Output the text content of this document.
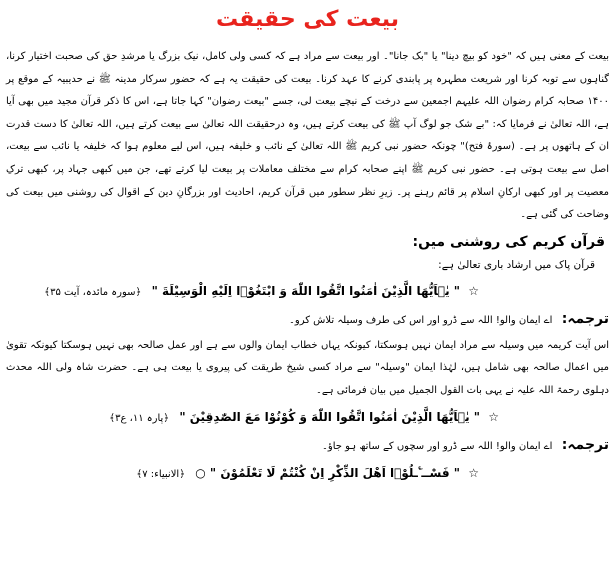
بیعت کی حقیقت

بیعت کے معنی ہیں کہ "خود کو بیچ دینا" یا "بک جانا"۔ اور بیعت سے مراد ہے کہ کسی ولی کامل، نیک بزرگ یا مرشدِ حق کی صحبت اختیار کرنا، گناہوں سے توبہ کرنا اور شریعت مطہرہ پر پابندی کرنے کا عہد کرنا۔ بیعت کی حقیقت یہ ہے کہ حضور سرکار مدینہ ﷺ نے حدیبیہ کے موقع پر ۱۴۰۰ صحابہ کرام رضوان اللہ علیہم اجمعین سے درخت کے نیچے بیعت لی، جسے "بیعت رضوان" کہا جاتا ہے، اس کا ذکر قرآن مجید میں بھی آیا ہے، اللہ تعالیٰ نے فرمایا کہ: "بے شک جو لوگ آپ ﷺ کی بیعت کرتے ہیں، وہ درحقیقت اللہ تعالیٰ سے بیعت کرتے ہیں، اللہ تعالیٰ کا دست قدرت ان کے ہاتھوں پر ہے۔ (سورۂ فتح)" چونکہ حضور نبی کریم ﷺ اللہ تعالیٰ کے نائب و خلیفہ ہیں، اس لیے معلوم ہوا کہ خلیفہ یا نائب سے بیعت، اصل سے بیعت ہوتی ہے۔ حضور نبی کریم ﷺ اپنے صحابہ کرام سے مختلف معاملات پر بیعت لیا کرتے تھے، جن میں کبھی جہاد پر، کبھی ترکِ معصیت پر اور کبھی ارکانِ اسلام پر قائم رہنے پر۔ زیرِ نظر سطور میں قرآن کریم، احادیث اور بزرگانِ دین کے اقوال کی روشنی میں بیعت کی وضاحت کی گئی ہے۔

قرآن کریم کی روشنی میں:
قرآن پاک میں ارشاد باری تعالیٰ ہے:
☆ " یٰۤاَیُّهَا الَّذِیْنَ اٰمَنُوا اتَّقُوا اللّٰهَ وَ ابْتَغُوْۤا اِلَیْهِ الْوَسِیْلَةَ " ﴿سورہ مائدہ، آیت ۳۵﴾
ترجمہ: اے ایمان والو! اللہ سے ڈرو اور اس کی طرف وسیلہ تلاش کرو۔

اس آیت کریمہ میں وسیلہ سے مراد ایمان نہیں ہوسکتا، کیونکہ یہاں خطاب ایمان والوں سے ہے اور عمل صالحہ بھی نہیں ہوسکتا کیونکہ تقویٰ میں اعمال صالحہ بھی شامل ہیں، لہٰذا ایمان "وسیلہ" سے مراد کسی شیخ طریقت کی پیروی یا بیعت ہی ہے۔ حضرت شاہ ولی اللہ محدث دہلوی رحمۃ اللہ علیہ نے یہی بات القول الجمیل میں بیان فرمائی ہے۔

☆ " یٰۤاَیُّهَا الَّذِیْنَ اٰمَنُوا اتَّقُوا اللّٰهَ وَ كُوْنُوْا مَعَ الصّٰدِقِیْنَ " ﴿پارہ ۱۱، ع۳﴾
ترجمہ: اے ایمان والو! اللہ سے ڈرو اور سچوں کے ساتھ ہو جاؤ۔
☆ " فَسْــٴَـلُوْۤا اَهْلَ الذِّكْرِ اِنْ كُنْتُمْ لَا تَعْلَمُوْنَ " ○ ﴿الانبیاء: ۷﴾
